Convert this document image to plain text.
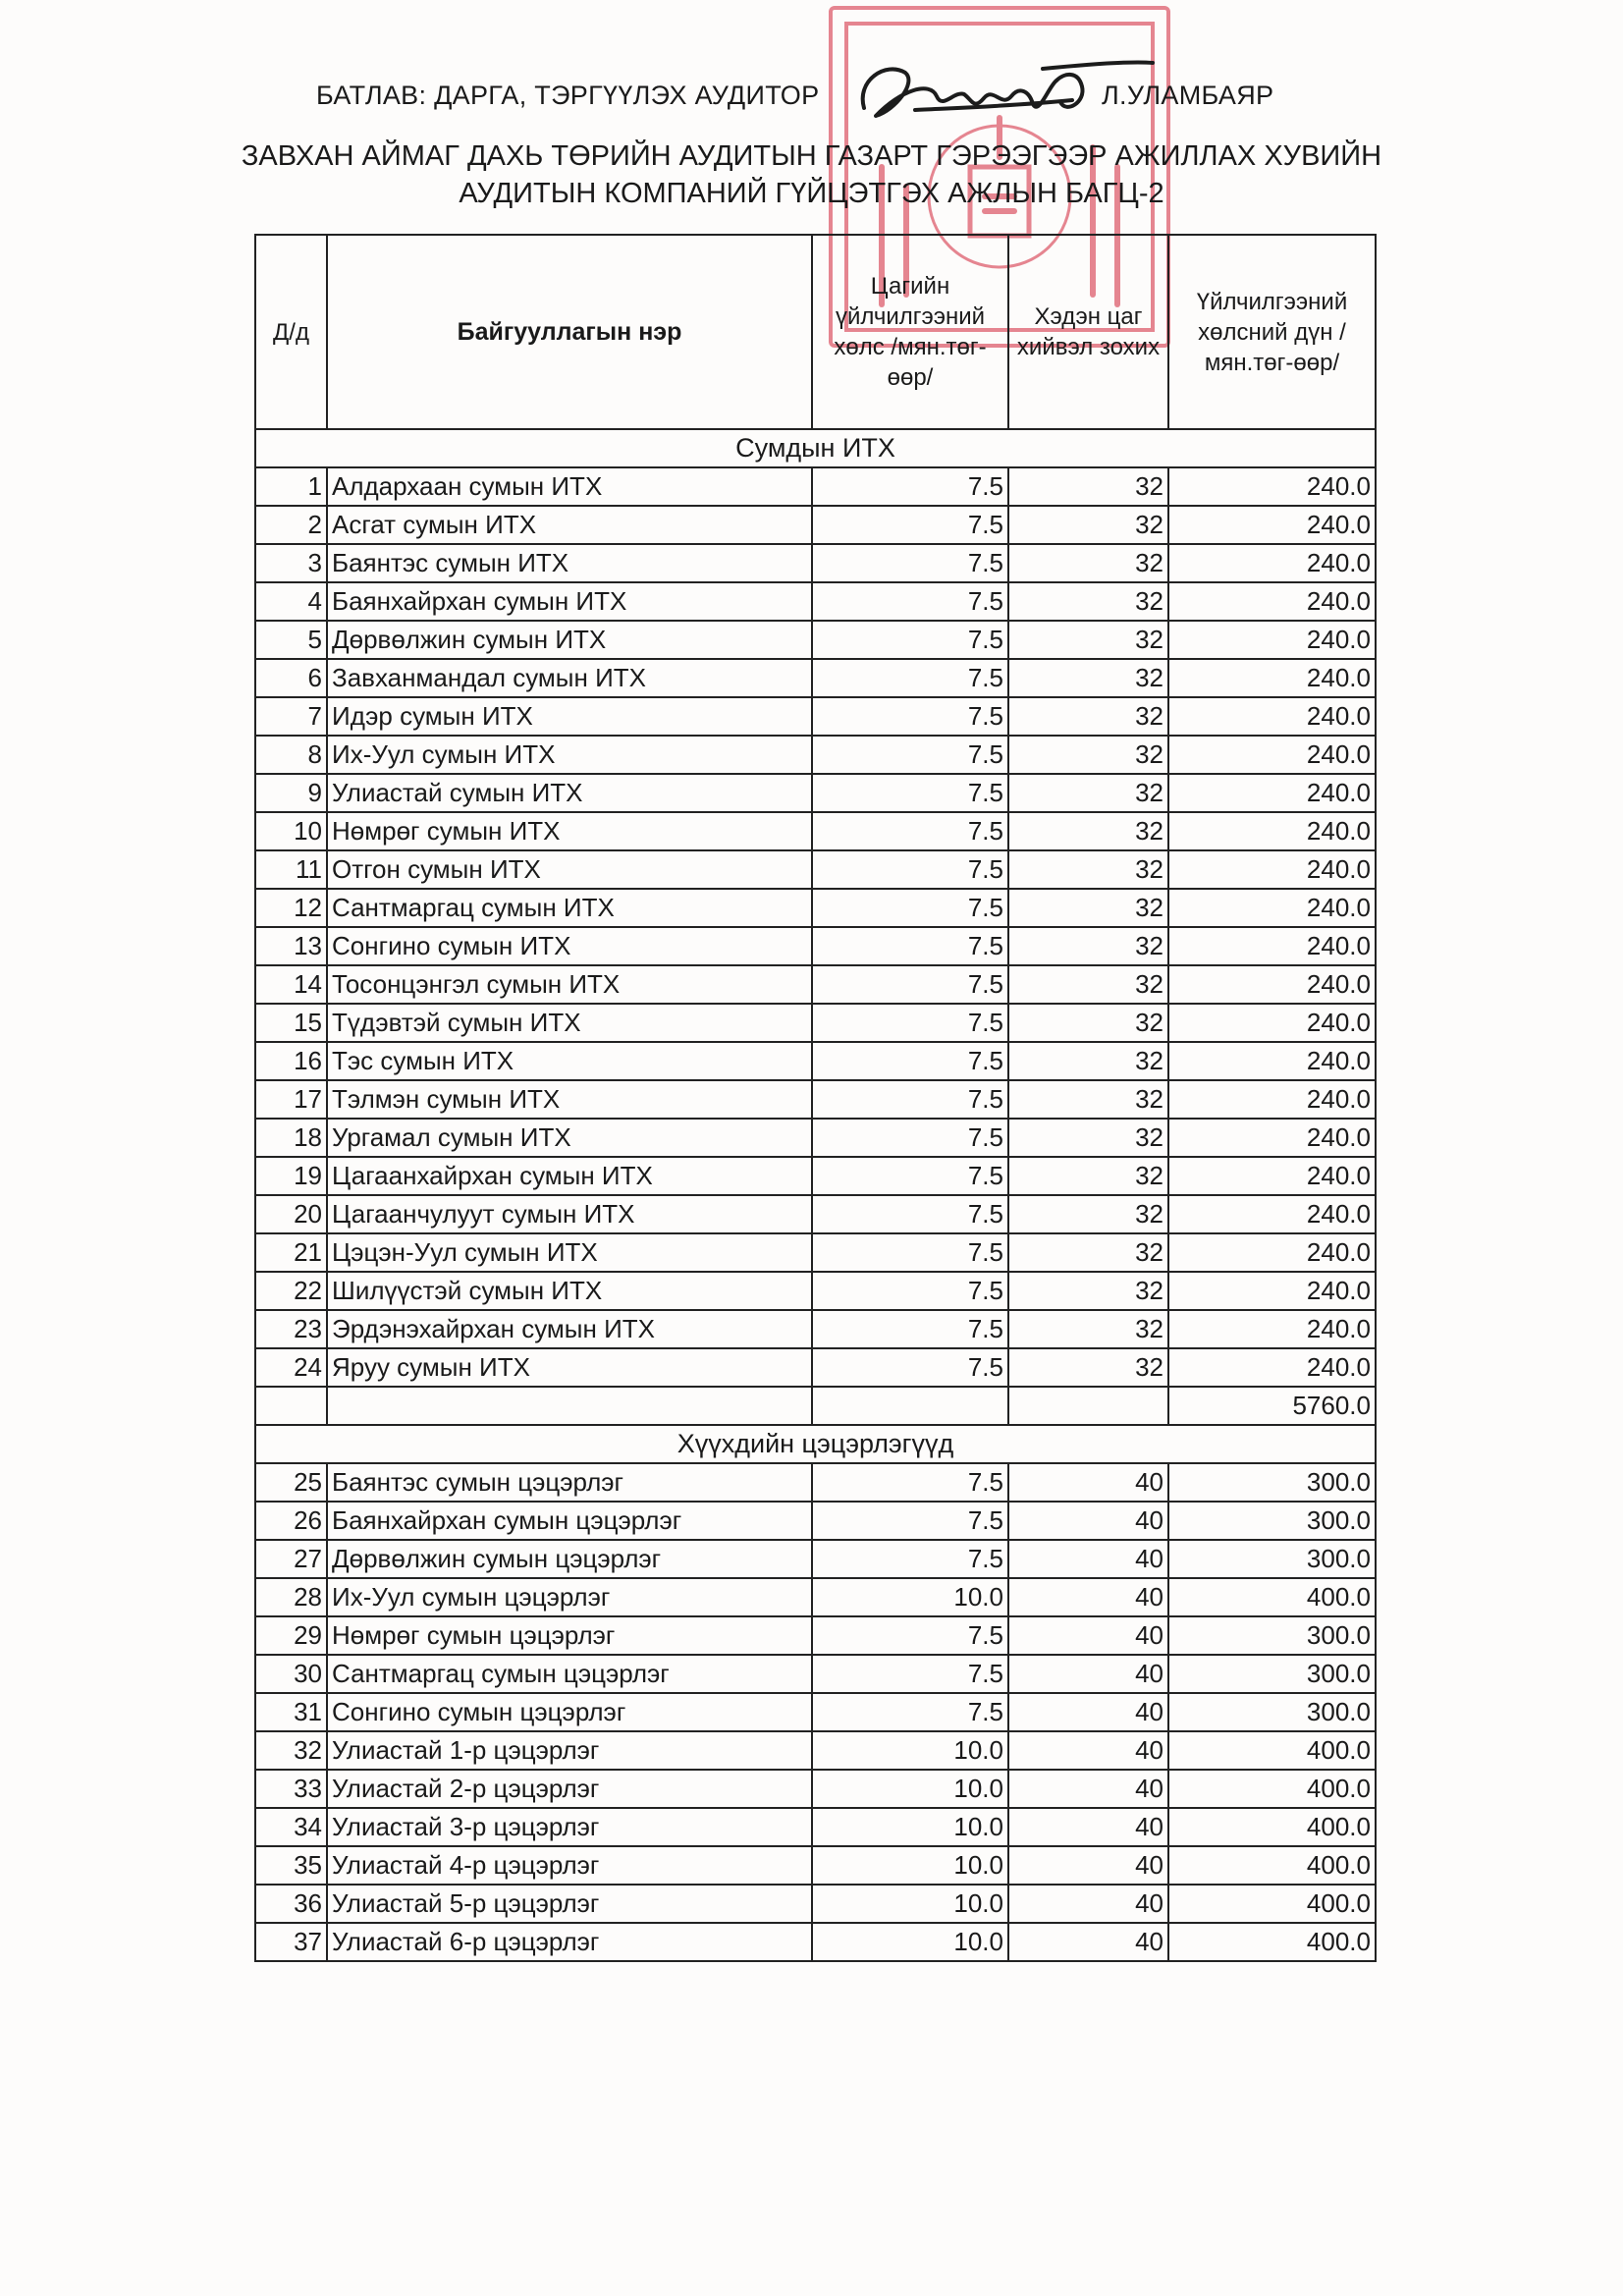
БАТЛАВ: ДАРГА, ТЭРГҮҮЛЭХ АУДИТОР	Л.УЛАМБАЯР
ЗАВХАН АЙМАГ ДАХЬ ТӨРИЙН АУДИТЫН ГАЗАРТ ГЭРЭЭГЭЭР АЖИЛЛАХ ХУВИЙН
АУДИТЫН КОМПАНИЙ ГҮЙЦЭТГЭХ АЖЛЫН БАГЦ-2
Д/д	Байгууллагын нэр	Цагийн үйлчилгээний хөлс /мян.төг-өөр/	Хэдэн цаг хийвэл зохих	Үйлчилгээний хөлсний дүн /мян.төг-өөр/
Сумдын ИТХ				
1	Алдархаан сумын ИТХ	7.5	32	240.0
2	Асгат сумын ИТХ	7.5	32	240.0
3	Баянтэс сумын ИТХ	7.5	32	240.0
4	Баянхайрхан сумын ИТХ	7.5	32	240.0
5	Дөрвөлжин сумын ИТХ	7.5	32	240.0
6	Завханмандал сумын ИТХ	7.5	32	240.0
7	Идэр сумын ИТХ	7.5	32	240.0
8	Их-Уул сумын ИТХ	7.5	32	240.0
9	Улиастай сумын ИТХ	7.5	32	240.0
10	Нөмрөг сумын ИТХ	7.5	32	240.0
11	Отгон сумын ИТХ	7.5	32	240.0
12	Сантмаргац сумын ИТХ	7.5	32	240.0
13	Сонгино сумын ИТХ	7.5	32	240.0
14	Тосонцэнгэл сумын ИТХ	7.5	32	240.0
15	Түдэвтэй сумын ИТХ	7.5	32	240.0
16	Тэс сумын ИТХ	7.5	32	240.0
17	Тэлмэн сумын ИТХ	7.5	32	240.0
18	Ургамал сумын ИТХ	7.5	32	240.0
19	Цагаанхайрхан сумын ИТХ	7.5	32	240.0
20	Цагаанчулуут сумын ИТХ	7.5	32	240.0
21	Цэцэн-Уул сумын ИТХ	7.5	32	240.0
22	Шилүүстэй сумын ИТХ	7.5	32	240.0
23	Эрдэнэхайрхан сумын ИТХ	7.5	32	240.0
24	Яруу сумын ИТХ	7.5	32	240.0
				5760.0
Хүүхдийн цэцэрлэгүүд				
25	Баянтэс сумын цэцэрлэг	7.5	40	300.0
26	Баянхайрхан сумын цэцэрлэг	7.5	40	300.0
27	Дөрвөлжин сумын цэцэрлэг	7.5	40	300.0
28	Их-Уул сумын цэцэрлэг	10.0	40	400.0
29	Нөмрөг сумын цэцэрлэг	7.5	40	300.0
30	Сантмаргац сумын цэцэрлэг	7.5	40	300.0
31	Сонгино сумын цэцэрлэг	7.5	40	300.0
32	Улиастай 1-р цэцэрлэг	10.0	40	400.0
33	Улиастай 2-р цэцэрлэг	10.0	40	400.0
34	Улиастай 3-р цэцэрлэг	10.0	40	400.0
35	Улиастай 4-р цэцэрлэг	10.0	40	400.0
36	Улиастай 5-р цэцэрлэг	10.0	40	400.0
37	Улиастай 6-р цэцэрлэг	10.0	40	400.0
